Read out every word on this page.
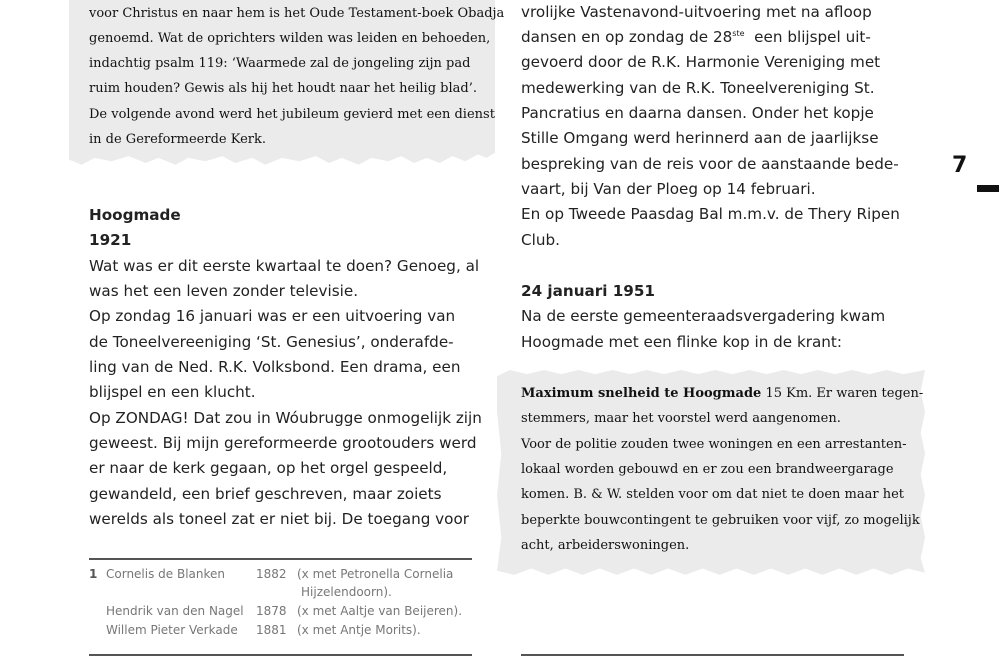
voor Christus en naar hem is het Oude Testament-boek Obadja
genoemd. Wat de oprichters wilden was leiden en behoeden,
indachtig psalm 119: ‘Waarmede zal de jongeling zijn pad
ruim houden? Gewis als hij het houdt naar het heilig blad’.
De volgende avond werd het jubileum gevierd met een dienst
in de Gereformeerde Kerk.
Hoogmade
1921
Wat was er dit eerste kwartaal te doen? Genoeg, al
was het een leven zonder televisie.
Op zondag 16 januari was er een uitvoering van
de Toneelvereeniging ‘St. Genesius’, onderafde-
ling van de Ned. R.K. Volksbond. Een drama, een
blijspel en een klucht.
Op ZONDAG! Dat zou in Wóubrugge onmogelijk zijn
geweest. Bij mijn gereformeerde grootouders werd
er naar de kerk gegaan, op het orgel gespeeld,
gewandeld, een brief geschreven, maar zoiets
werelds als toneel zat er niet bij. De toegang voor
1 Cornelis de Blanken	1882 (x met Petronella Cornelia
Hijzelendoorn).
Hendrik van den Nagel 1878 (x met Aaltje van Beijeren).
Willem Pieter Verkade 1881 (x met Antje Morits).
vrolijke Vastenavond-uitvoering met na afloop
dansen en op zondag de 28ste  een blijspel uit-
gevoerd door de R.K. Harmonie Vereniging met
medewerking van de R.K. Toneelvereniging St.
Pancratius en daarna dansen. Onder het kopje
Stille Omgang werd herinnerd aan de jaarlijkse
bespreking van de reis voor de aanstaande bede-
vaart, bij Van der Ploeg op 14 februari.
En op Tweede Paasdag Bal m.m.v. de Thery Ripen
Club.
24 januari 1951
Na de eerste gemeenteraadsvergadering kwam
Hoogmade met een flinke kop in de krant:
Maximum snelheid te Hoogmade 15 Km. Er waren tegen-
stemmers, maar het voorstel werd aangenomen.
Voor de politie zouden twee woningen en een arrestanten-
lokaal worden gebouwd en er zou een brandweergarage
komen. B. & W. stelden voor om dat niet te doen maar het
beperkte bouwcontingent te gebruiken voor vijf, zo mogelijk
acht, arbeiderswoningen.
7
